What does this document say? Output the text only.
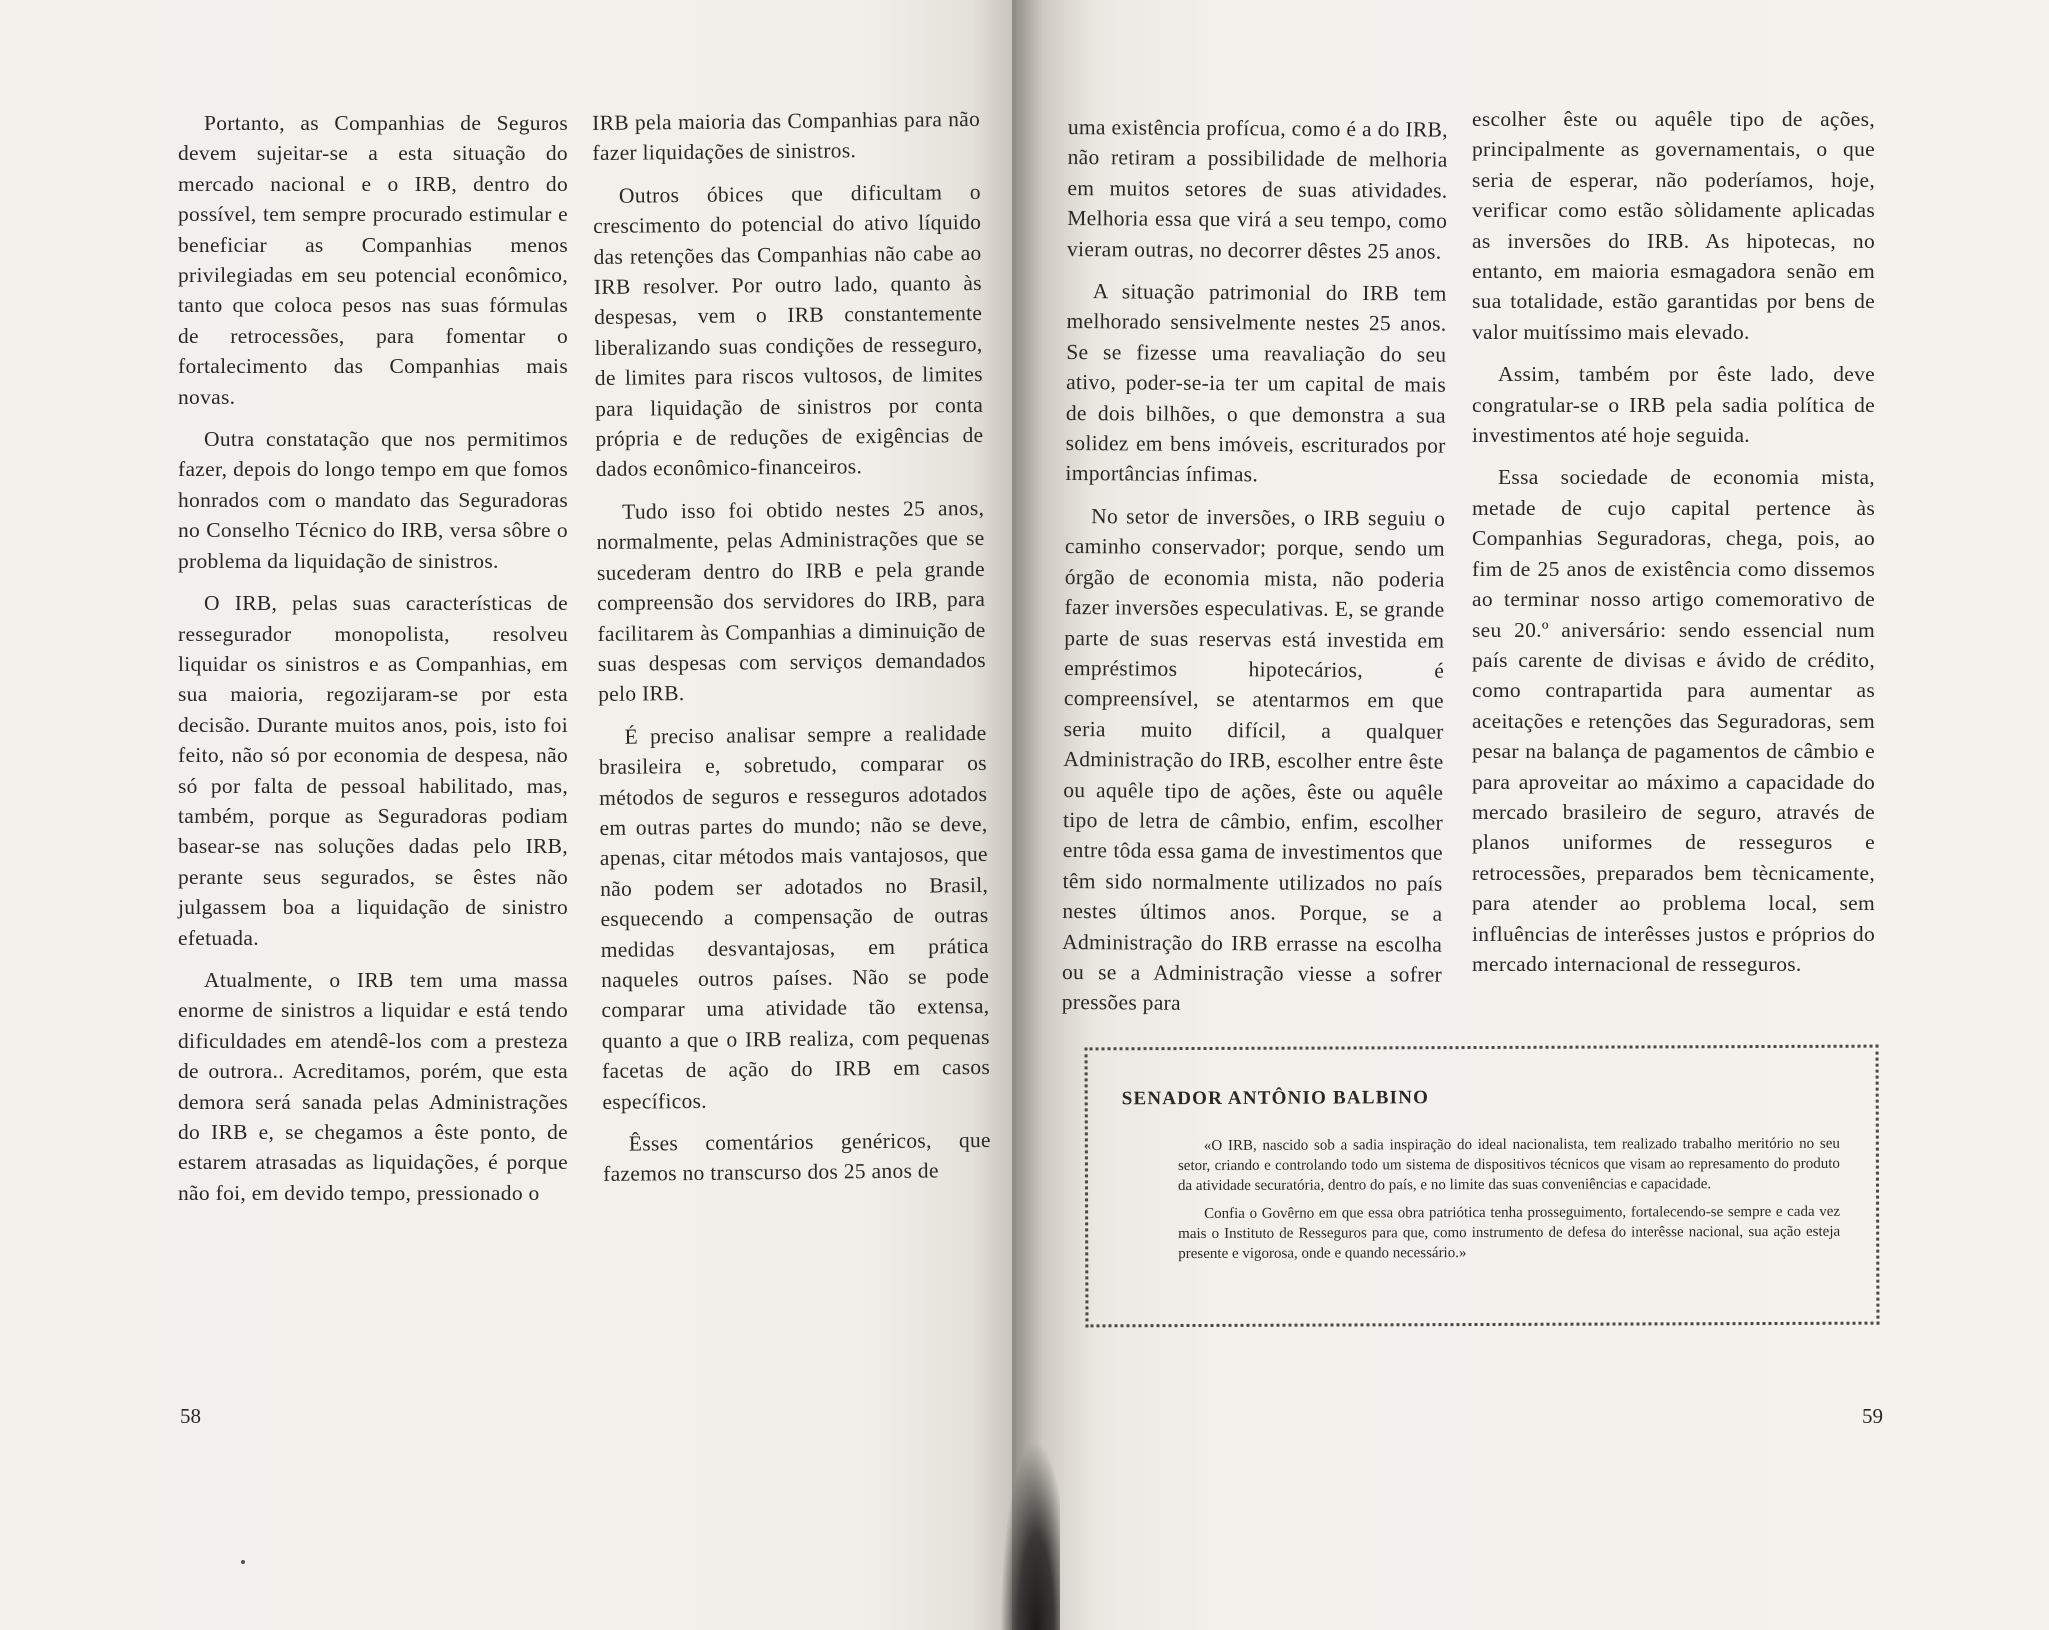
Portanto, as Companhias de Seguros devem sujeitar-se a esta situação do mercado nacional e o IRB, dentro do possível, tem sempre procurado estimular e beneficiar as Companhias menos privilegiadas em seu potencial econômico, tanto que coloca pesos nas suas fórmulas de retrocessões, para fomentar o fortalecimento das Companhias mais novas.

Outra constatação que nos permitimos fazer, depois do longo tempo em que fomos honrados com o mandato das Seguradoras no Conselho Técnico do IRB, versa sôbre o problema da liquidação de sinistros.

O IRB, pelas suas características de ressegurador monopolista, resolveu liquidar os sinistros e as Companhias, em sua maioria, regozijaram-se por esta decisão. Durante muitos anos, pois, isto foi feito, não só por economia de despesa, não só por falta de pessoal habilitado, mas, também, porque as Seguradoras podiam basear-se nas soluções dadas pelo IRB, perante seus segurados, se êstes não julgassem boa a liquidação de sinistro efetuada.

Atualmente, o IRB tem uma massa enorme de sinistros a liquidar e está tendo dificuldades em atendê-los com a presteza de outrora.. Acreditamos, porém, que esta demora será sanada pelas Administrações do IRB e, se chegamos a êste ponto, de estarem atrasadas as liquidações, é porque não foi, em devido tempo, pressionado o

IRB pela maioria das Companhias para não fazer liquidações de sinistros.

Outros óbices que dificultam o crescimento do potencial do ativo líquido das retenções das Companhias não cabe ao IRB resolver. Por outro lado, quanto às despesas, vem o IRB constantemente liberalizando suas condições de resseguro, de limites para riscos vultosos, de limites para liquidação de sinistros por conta própria e de reduções de exigências de dados econômico-financeiros.

Tudo isso foi obtido nestes 25 anos, normalmente, pelas Administrações que se sucederam dentro do IRB e pela grande compreensão dos servidores do IRB, para facilitarem às Companhias a diminuição de suas despesas com serviços demandados pelo IRB.

É preciso analisar sempre a realidade brasileira e, sobretudo, comparar os métodos de seguros e resseguros adotados em outras partes do mundo; não se deve, apenas, citar métodos mais vantajosos, que não podem ser adotados no Brasil, esquecendo a compensação de outras medidas desvantajosas, em prática naqueles outros países. Não se pode comparar uma atividade tão extensa, quanto a que o IRB realiza, com pequenas facetas de ação do IRB em casos específicos.

Êsses comentários genéricos, que fazemos no transcurso dos 25 anos de

58

uma existência profícua, como é a do IRB, não retiram a possibilidade de melhoria em muitos setores de suas atividades. Melhoria essa que virá a seu tempo, como vieram outras, no decorrer dêstes 25 anos.

A situação patrimonial do IRB tem melhorado sensivelmente nestes 25 anos. Se se fizesse uma reavaliação do seu ativo, poder-se-ia ter um capital de mais de dois bilhões, o que demonstra a sua solidez em bens imóveis, escriturados por importâncias ínfimas.

No setor de inversões, o IRB seguiu o caminho conservador; porque, sendo um órgão de economia mista, não poderia fazer inversões especulativas. E, se grande parte de suas reservas está investida em empréstimos hipotecários, é compreensível, se atentarmos em que seria muito difícil, a qualquer Administração do IRB, escolher entre êste ou aquêle tipo de ações, êste ou aquêle tipo de letra de câmbio, enfim, escolher entre tôda essa gama de investimentos que têm sido normalmente utilizados no país nestes últimos anos. Porque, se a Administração do IRB errasse na escolha ou se a Administração viesse a sofrer pressões para

escolher êste ou aquêle tipo de ações, principalmente as governamentais, o que seria de esperar, não poderíamos, hoje, verificar como estão sòlidamente aplicadas as inversões do IRB. As hipotecas, no entanto, em maioria esmagadora senão em sua totalidade, estão garantidas por bens de valor muitíssimo mais elevado.

Assim, também por êste lado, deve congratular-se o IRB pela sadia política de investimentos até hoje seguida.

Essa sociedade de economia mista, metade de cujo capital pertence às Companhias Seguradoras, chega, pois, ao fim de 25 anos de existência como dissemos ao terminar nosso artigo comemorativo de seu 20.º aniversário: sendo essencial num país carente de divisas e ávido de crédito, como contrapartida para aumentar as aceitações e retenções das Seguradoras, sem pesar na balança de pagamentos de câmbio e para aproveitar ao máximo a capacidade do mercado brasileiro de seguro, através de planos uniformes de resseguros e retrocessões, preparados bem tècnicamente, para atender ao problema local, sem influências de interêsses justos e próprios do mercado internacional de resseguros.

SENADOR ANTÔNIO BALBINO

«O IRB, nascido sob a sadia inspiração do ideal nacionalista, tem realizado trabalho meritório no seu setor, criando e controlando todo um sistema de dispositivos técnicos que visam ao represamento do produto da atividade securatória, dentro do país, e no limite das suas conveniências e capacidade.

Confia o Govêrno em que essa obra patriótica tenha prosseguimento, fortalecendo-se sempre e cada vez mais o Instituto de Resseguros para que, como instrumento de defesa do interêsse nacional, sua ação esteja presente e vigorosa, onde e quando necessário.»

59
